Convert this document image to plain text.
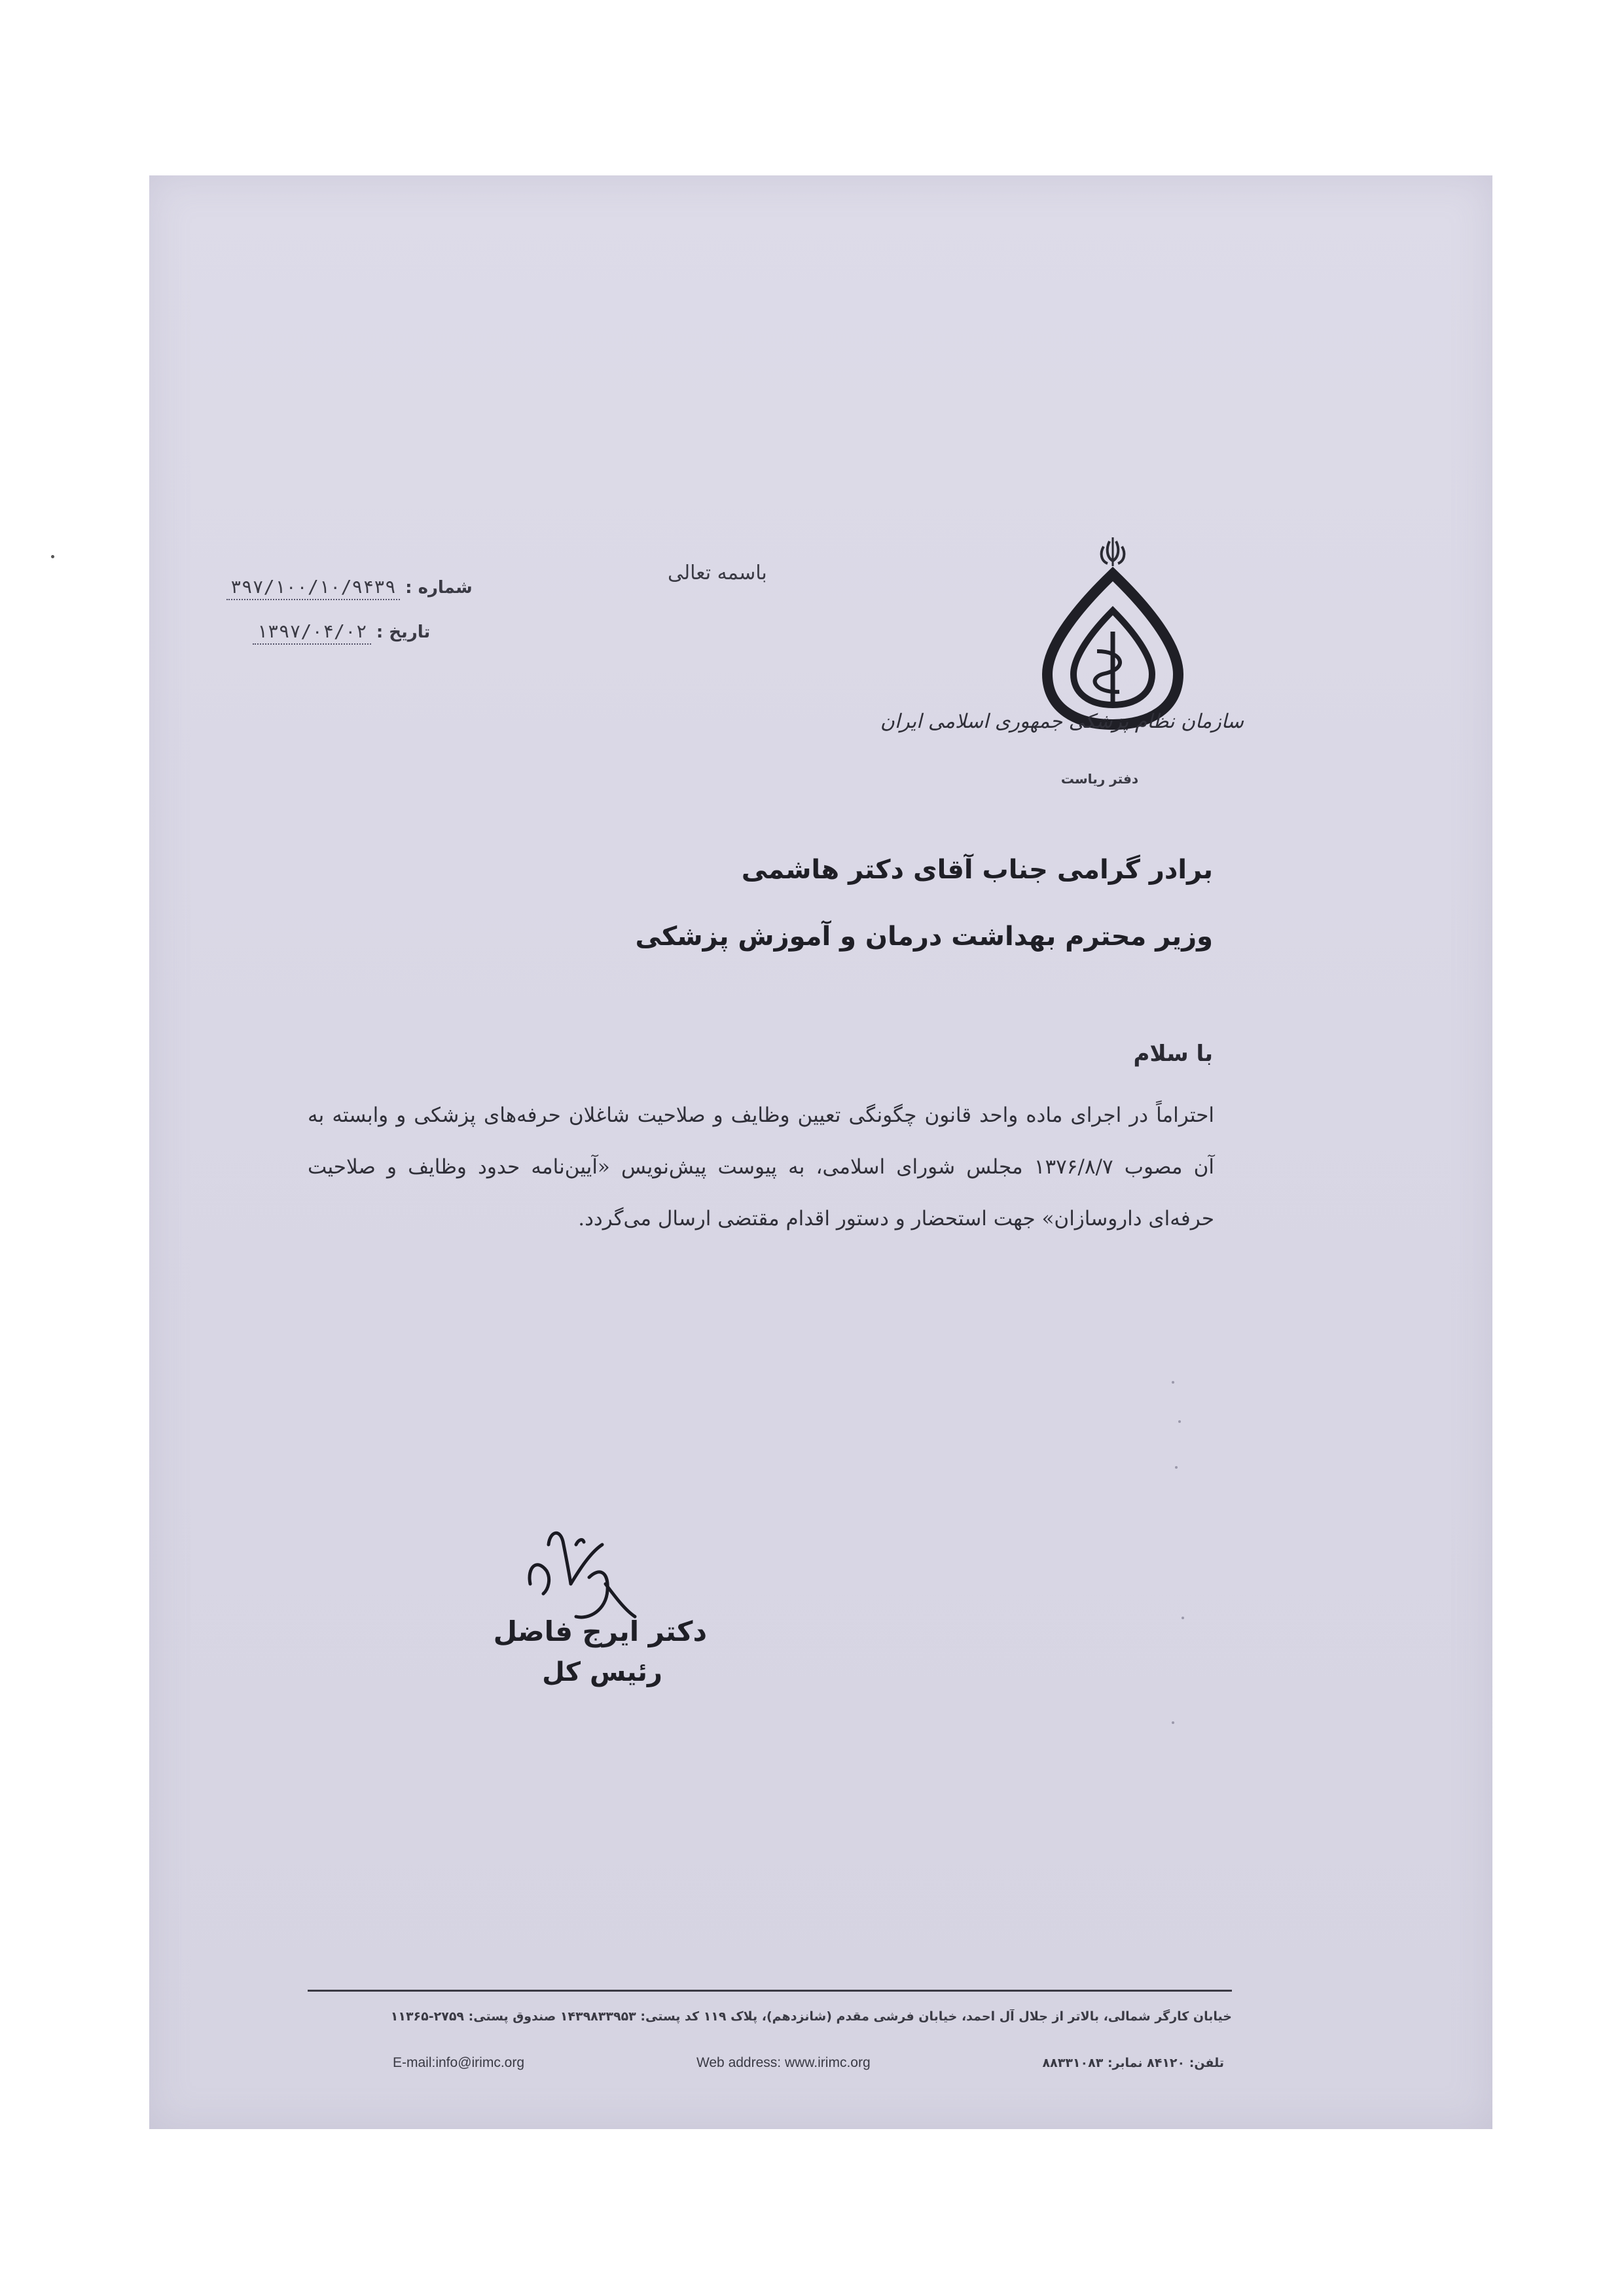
باسمه تعالی
شماره : ۳۹۷/۱۰۰/۱۰/۹۴۳۹
تاریخ : ۱۳۹۷/۰۴/۰۲
سازمان نظام پزشکی جمهوری اسلامی ایران
دفتر ریاست
برادر گرامی جناب آقای دکتر هاشمی
وزیر محترم بهداشت درمان و آموزش پزشکی
با سلام
احتراماً در اجرای ماده واحد قانون چگونگی تعیین وظایف و صلاحیت شاغلان حرفه‌های پزشکی و وابسته به آن مصوب ۱۳۷۶/۸/۷ مجلس شورای اسلامی، به پیوست پیش‌نویس «آیین‌نامه حدود وظایف و صلاحیت حرفه‌ای داروسازان» جهت استحضار و دستور اقدام مقتضی ارسال می‌گردد.
دکتر ایرج فاضل
رئیس کل
خیابان کارگر شمالی، بالاتر از جلال آل احمد، خیابان فرشی مقدم (شانزدهم)، پلاک ۱۱۹ کد پستی: ۱۴۳۹۸۳۳۹۵۳ صندوق پستی: ۲۷۵۹-۱۱۳۶۵
E-mail:info@irimc.org	Web address: www.irimc.org	تلفن: ۸۴۱۲۰ نمابر: ۸۸۳۳۱۰۸۳
